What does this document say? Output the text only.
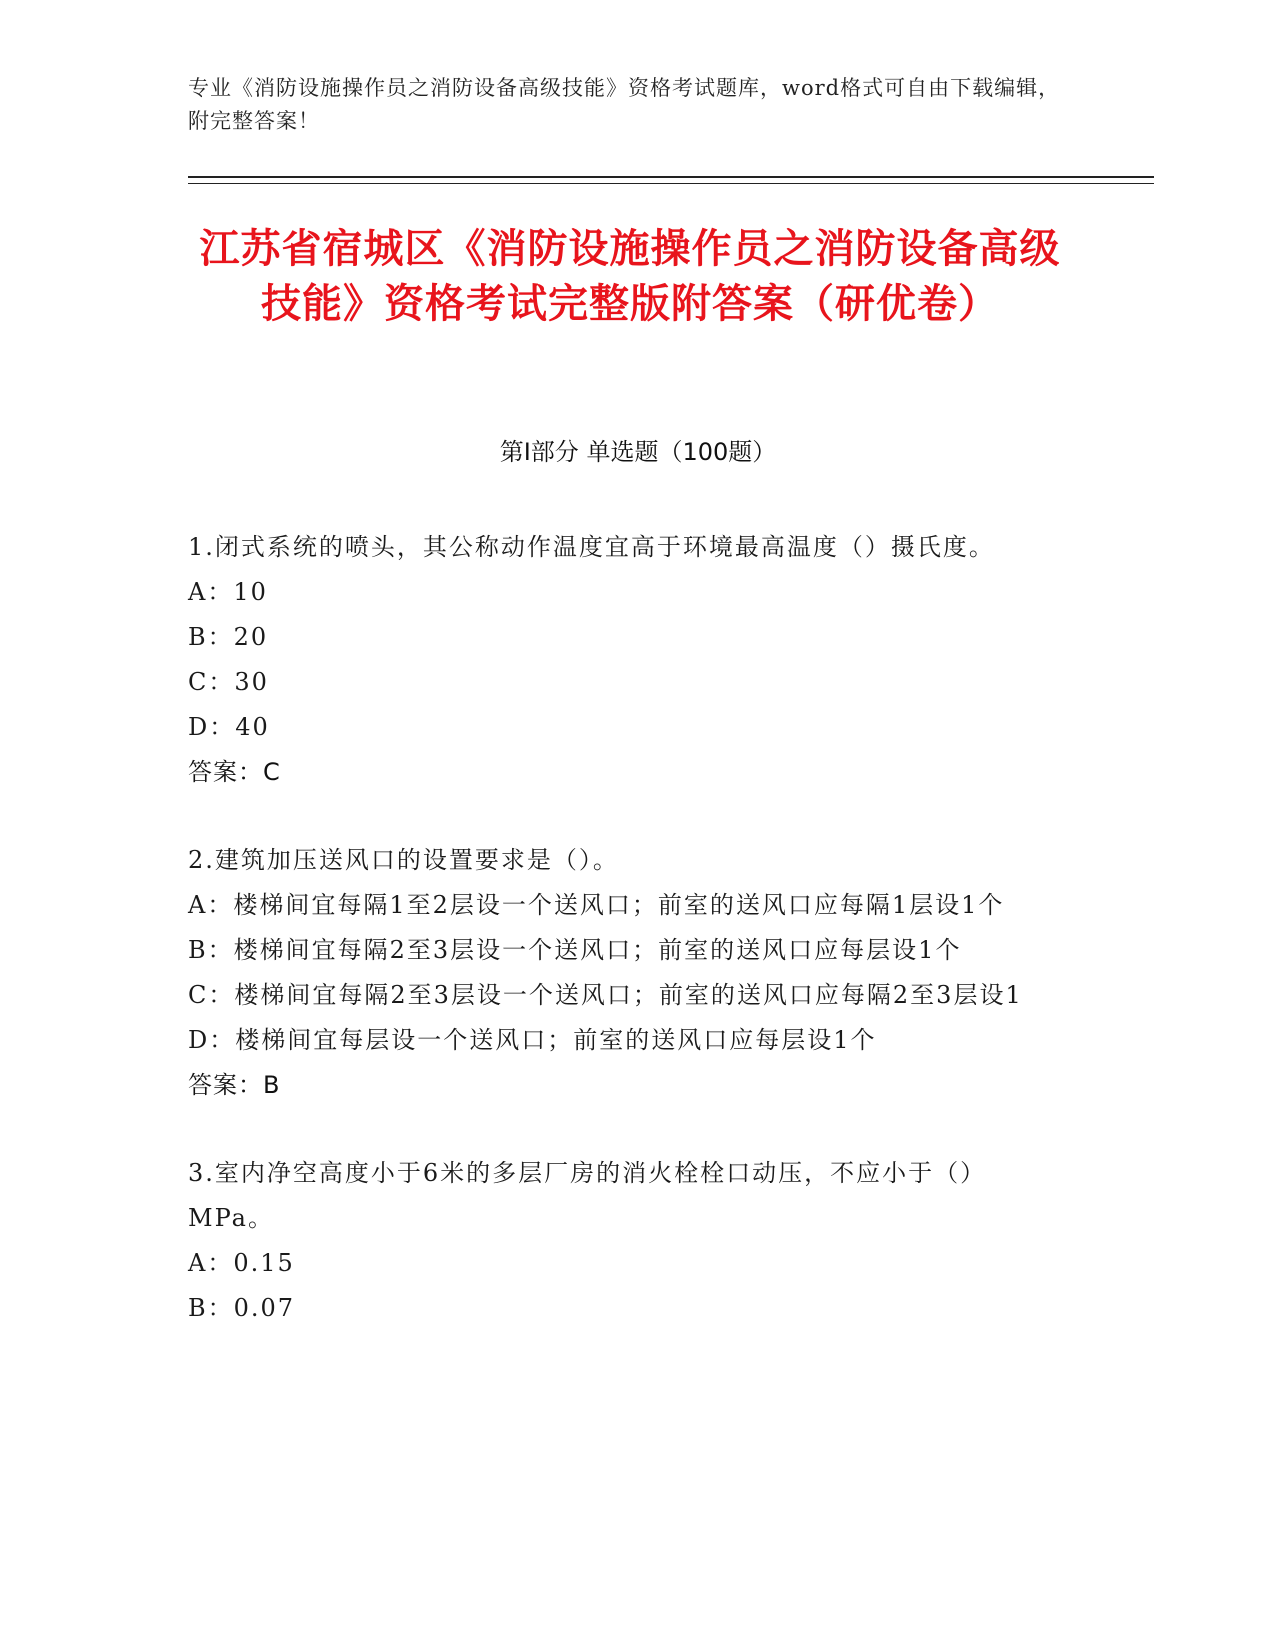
专业《消防设施操作员之消防设备高级技能》资格考试题库，word格式可自由下载编辑，附完整答案！
江苏省宿城区《消防设施操作员之消防设备高级技能》资格考试完整版附答案（研优卷）
第I部分 单选题（100题）

1.闭式系统的喷头，其公称动作温度宜高于环境最高温度（）摄氏度。

A：10

B：20

C：30

D：40

答案：C

2.建筑加压送风口的设置要求是（）。

A：楼梯间宜每隔1至2层设一个送风口；前室的送风口应每隔1层设1个

B：楼梯间宜每隔2至3层设一个送风口；前室的送风口应每层设1个

C：楼梯间宜每隔2至3层设一个送风口；前室的送风口应每隔2至3层设1

D：楼梯间宜每层设一个送风口；前室的送风口应每层设1个

答案：B

3.室内净空高度小于6米的多层厂房的消火栓栓口动压，不应小于（）MPa。

A：0.15

B：0.07
